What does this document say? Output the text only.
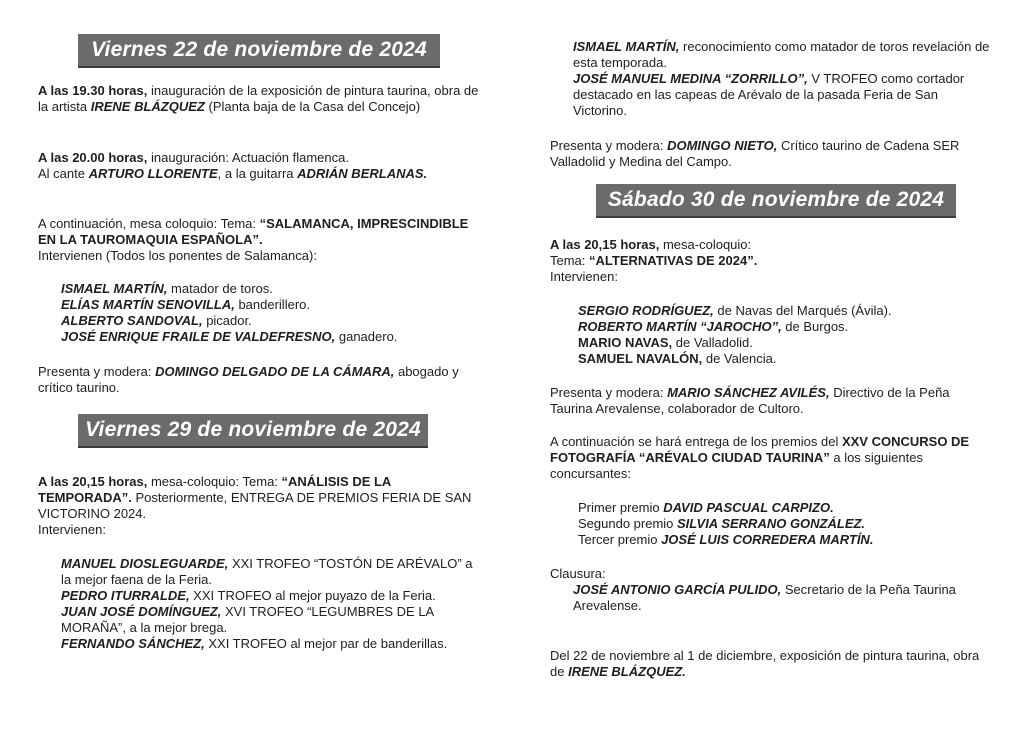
Viernes 22 de noviembre de 2024

A las 19.30 horas, inauguración de la exposición de pintura taurina, obra de la artista IRENE BLÁZQUEZ (Planta baja de la Casa del Concejo)

A las 20.00 horas, inauguración: Actuación flamenca.

Al cante ARTURO LLORENTE, a la guitarra ADRIÁN BERLANAS.

A continuación, mesa coloquio: Tema: “SALAMANCA, IMPRESCINDIBLE EN LA TAUROMAQUIA ESPAÑOLA”.

Intervienen (Todos los ponentes de Salamanca):

ISMAEL MARTÍN, matador de toros.

ELÍAS MARTÍN SENOVILLA, banderillero.

ALBERTO SANDOVAL, picador.

JOSÉ ENRIQUE FRAILE DE VALDEFRESNO, ganadero.

Presenta y modera: DOMINGO DELGADO DE LA CÁMARA, abogado y crítico taurino.

Viernes 29 de noviembre de 2024

A las 20,15 horas, mesa-coloquio: Tema: “ANÁLISIS DE LA TEMPORADA”. Posteriormente, ENTREGA DE PREMIOS FERIA DE SAN VICTORINO 2024.

Intervienen:

MANUEL DIOSLEGUARDE, XXI TROFEO “TOSTÓN DE ARÉVALO” a la mejor faena de la Feria.

PEDRO ITURRALDE, XXI TROFEO al mejor puyazo de la Feria.

JUAN JOSÉ DOMÍNGUEZ, XVI TROFEO “LEGUMBRES DE LA MORAÑA”, a la mejor brega.

FERNANDO SÁNCHEZ, XXI TROFEO al mejor par de banderillas.

ISMAEL MARTÍN, reconocimiento como matador de toros revelación de esta temporada.

JOSÉ MANUEL MEDINA “ZORRILLO”, V TROFEO como cortador destacado en las capeas de Arévalo de la pasada Feria de San Victorino.

Presenta y modera: DOMINGO NIETO, Crítico taurino de Cadena SER Valladolid y Medina del Campo.

Sábado 30 de noviembre de 2024

A las 20,15 horas, mesa-coloquio:

Tema: “ALTERNATIVAS DE 2024”.

Intervienen:

SERGIO RODRÍGUEZ, de Navas del Marqués (Ávila).

ROBERTO MARTÍN “JAROCHO”, de Burgos.

MARIO NAVAS, de Valladolid.

SAMUEL NAVALÓN, de Valencia.

Presenta y modera: MARIO SÁNCHEZ AVILÉS, Directivo de la Peña Taurina Arevalense, colaborador de Cultoro.

A continuación se hará entrega de los premios del XXV CONCURSO DE FOTOGRAFÍA “ARÉVALO CIUDAD TAURINA” a los siguientes concursantes:

Primer premio DAVID PASCUAL CARPIZO.

Segundo premio SILVIA SERRANO GONZÁLEZ.

Tercer premio JOSÉ LUIS CORREDERA MARTÍN.

Clausura:

JOSÉ ANTONIO GARCÍA PULIDO, Secretario de la Peña Taurina Arevalense.

Del 22 de noviembre al 1 de diciembre, exposición de pintura taurina, obra de IRENE BLÁZQUEZ.
